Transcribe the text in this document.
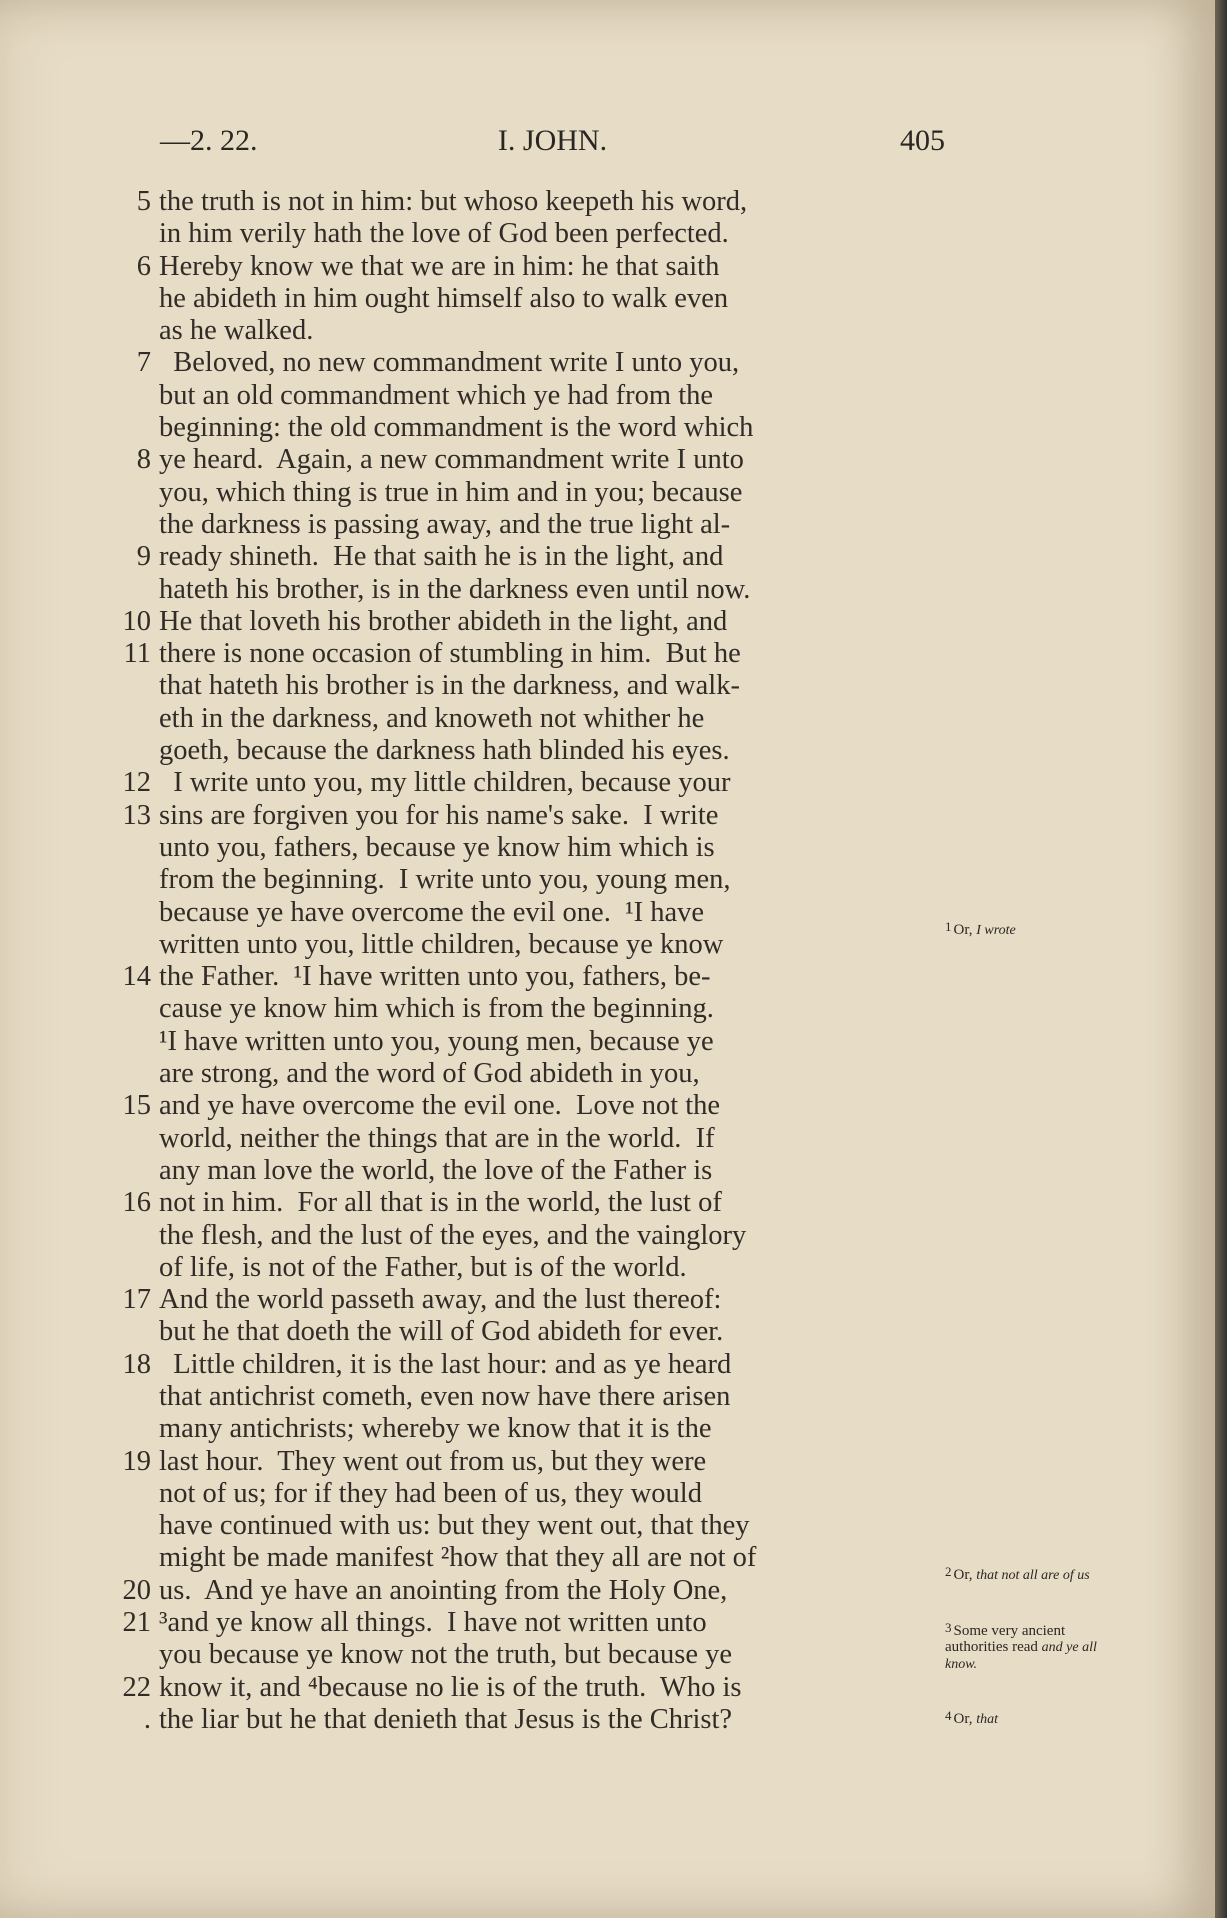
—2. 22.	I. JOHN.	405
5 the truth is not in him: but whoso keepeth his word,
in him verily hath the love of God been perfected.
6 Hereby know we that we are in him: he that saith
he abideth in him ought himself also to walk even
as he walked.
7 Beloved, no new commandment write I unto you,
but an old commandment which ye had from the
beginning: the old commandment is the word which
8 ye heard.  Again, a new commandment write I unto
you, which thing is true in him and in you; because
the darkness is passing away, and the true light al-
9 ready shineth.  He that saith he is in the light, and
hateth his brother, is in the darkness even until now.
10 He that loveth his brother abideth in the light, and
11 there is none occasion of stumbling in him.  But he
that hateth his brother is in the darkness, and walk-
eth in the darkness, and knoweth not whither he
goeth, because the darkness hath blinded his eyes.
12 I write unto you, my little children, because your
13 sins are forgiven you for his name's sake.  I write
unto you, fathers, because ye know him which is
from the beginning.  I write unto you, young men,
because ye have overcome the evil one.  ¹I have
written unto you, little children, because ye know
14 the Father.  ¹I have written unto you, fathers, be-
cause ye know him which is from the beginning.
¹I have written unto you, young men, because ye
are strong, and the word of God abideth in you,
15 and ye have overcome the evil one.  Love not the
world, neither the things that are in the world.  If
any man love the world, the love of the Father is
16 not in him.  For all that is in the world, the lust of
the flesh, and the lust of the eyes, and the vainglory
of life, is not of the Father, but is of the world.
17 And the world passeth away, and the lust thereof:
but he that doeth the will of God abideth for ever.
18 Little children, it is the last hour: and as ye heard
that antichrist cometh, even now have there arisen
many antichrists; whereby we know that it is the
19 last hour.  They went out from us, but they were
not of us; for if they had been of us, they would
have continued with us: but they went out, that they
might be made manifest ²how that they all are not of
20 us.  And ye have an anointing from the Holy One,
21 ³and ye know all things.  I have not written unto
you because ye know not the truth, but because ye
22 know it, and ⁴because no lie is of the truth.  Who is
. the liar but he that denieth that Jesus is the Christ?
1 Or, I wrote
2 Or, that not all are of us
3 Some very ancient authorities read and ye all know.
4 Or, that
